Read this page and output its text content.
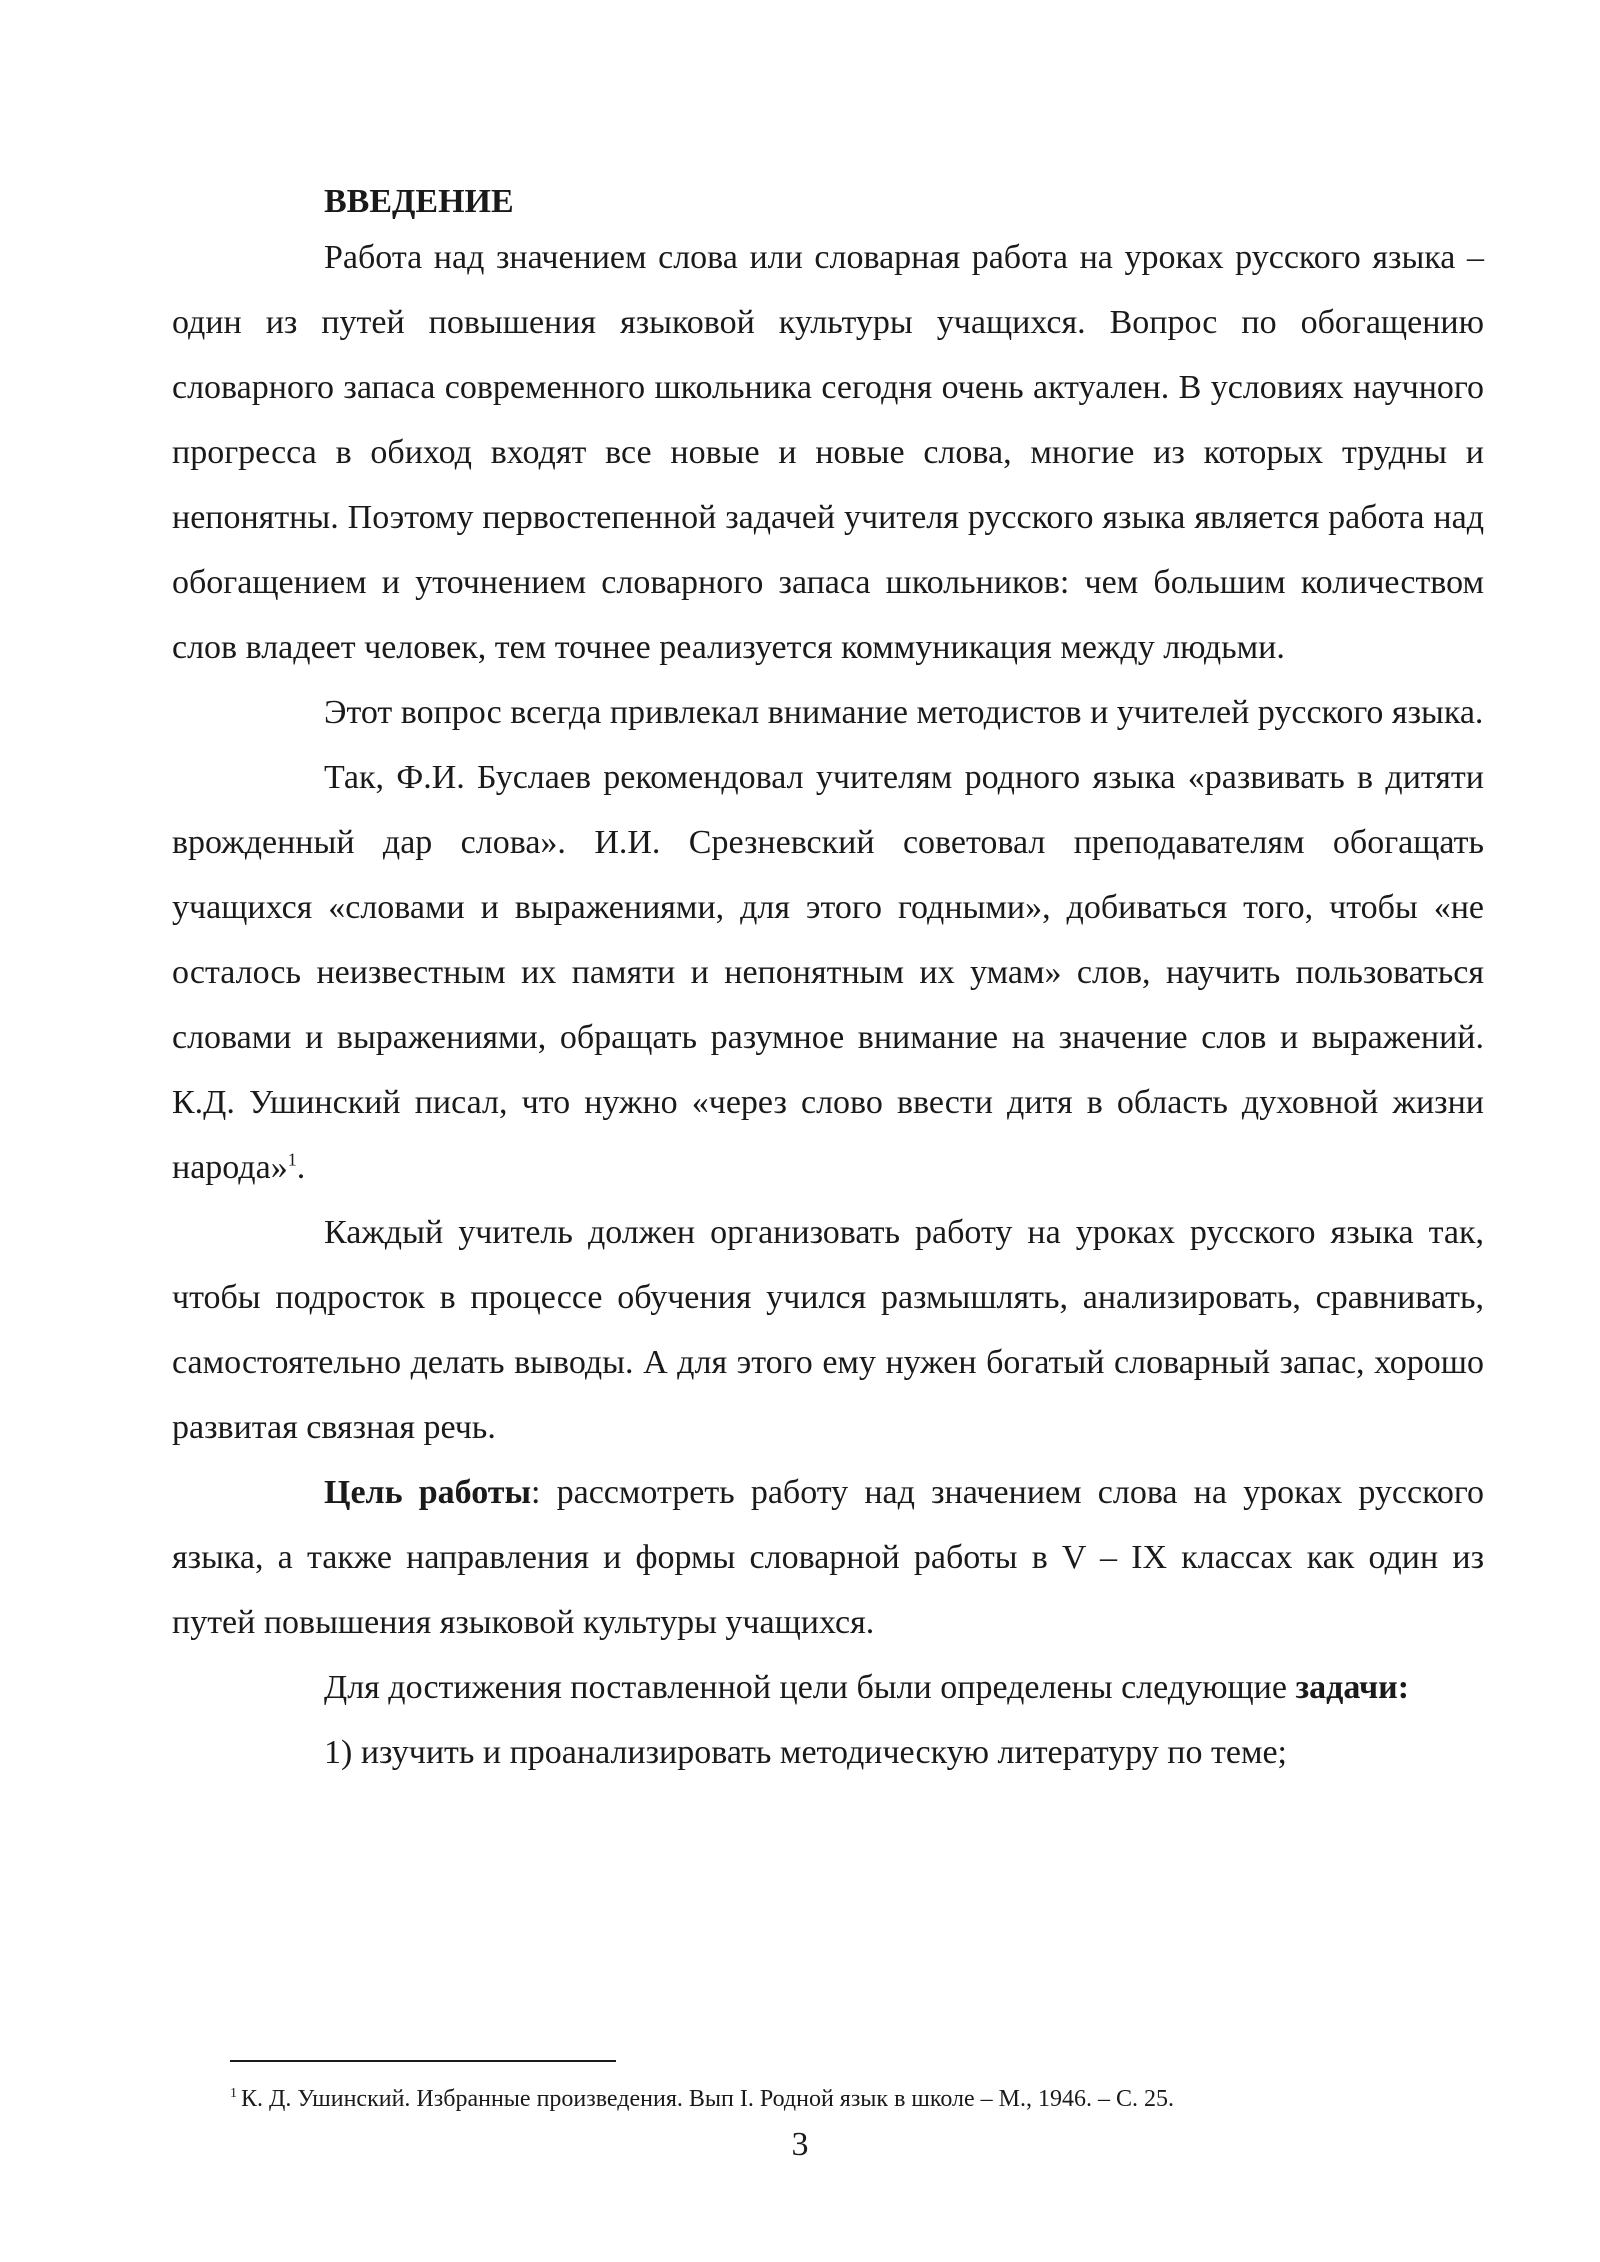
ВВЕДЕНИЕ

Работа над значением слова или словарная работа на уроках русского языка – один из путей повышения языковой культуры учащихся. Вопрос по обогащению словарного запаса современного школьника сегодня очень актуален. В условиях научного прогресса в обиход входят все новые и новые слова, многие из которых трудны и непонятны. Поэтому первостепенной задачей учителя русского языка является работа над обогащением и уточнением словарного запаса школьников: чем большим количеством слов владеет человек, тем точнее реализуется коммуникация между людьми.

Этот вопрос всегда привлекал внимание методистов и учителей русского языка.

Так, Ф.И. Буслаев рекомендовал учителям родного языка «развивать в дитяти врожденный дар слова». И.И. Срезневский советовал преподавателям обогащать учащихся «словами и выражениями, для этого годными», добиваться того, чтобы «не осталось неизвестным их памяти и непонятным их умам» слов, научить пользоваться словами и выражениями, обращать разумное внимание на значение слов и выражений. К.Д. Ушинский писал, что нужно «через слово ввести дитя в область духовной жизни народа»$^1$.

Каждый учитель должен организовать работу на уроках русского языка так, чтобы подросток в процессе обучения учился размышлять, анализировать, сравнивать, самостоятельно делать выводы. А для этого ему нужен богатый словарный запас, хорошо развитая связная речь.

Цель работы: рассмотреть работу над значением слова на уроках русского языка, а также направления и формы словарной работы в V – IX классах как один из путей повышения языковой культуры учащихся.

Для достижения поставленной цели были определены следующие задачи:

1) изучить и проанализировать методическую литературу по теме;

$^1$ К. Д. Ушинский. Избранные произведения. Вып I. Родной язык в школе – М., 1946. – С. 25.
3
